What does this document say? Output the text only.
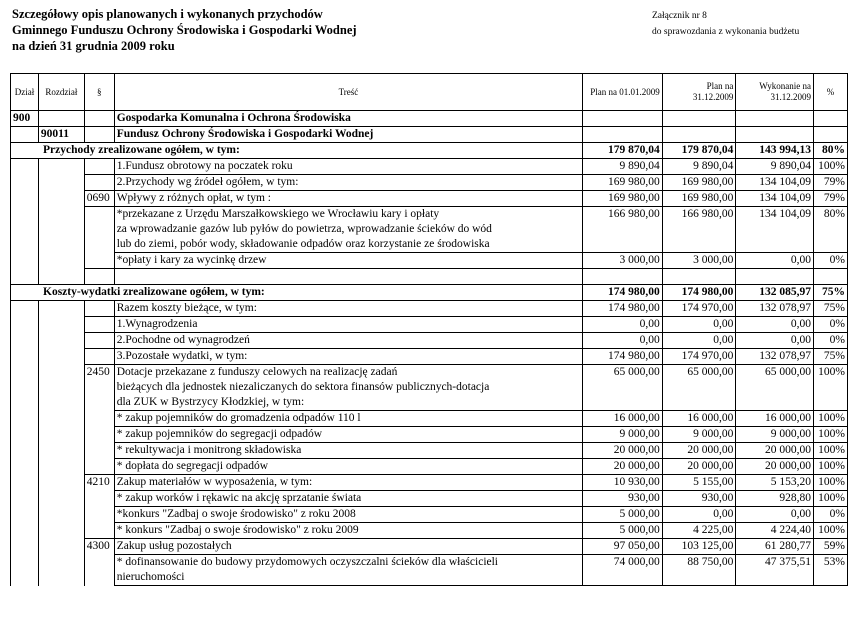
Szczegółowy opis planowanych i wykonanych przychodów
Gminnego Funduszu Ochrony Środowiska i Gospodarki Wodnej
na dzień 31 grudnia 2009 roku
Załącznik nr 8
do sprawozdania z wykonania budżetu
Dział	Rozdział	§	Treść	Plan na 01.01.2009	Plan na 31.12.2009	Wykonanie na 31.12.2009	%
900			Gospodarka Komunalna i Ochrona Środowiska				
	90011		Fundusz Ochrony Środowiska i Gospodarki Wodnej				
Przychody zrealizowane ogółem, w tym:				179 870,04	179 870,04	143 994,13	80%
			1.Fundusz obrotowy na poczatek roku	9 890,04	9 890,04	9 890,04	100%
			2.Przychody wg źródeł ogółem, w tym:	169 980,00	169 980,00	134 104,09	79%
		0690	Wpływy z różnych opłat, w tym :	169 980,00	169 980,00	134 104,09	79%

			*przekazane z Urzędu Marszałkowskiego we Wrocławiu kary i opłaty
za wprowadzanie gazów lub pyłów do powietrza, wprowadzanie ścieków do wód
lub do ziemi, pobór wody, składowanie odpadów oraz korzystanie ze środowiska	166 980,00	166 980,00	134 104,09	80%
			*opłaty i kary za wycinkę drzew	3 000,00	3 000,00	0,00	0%

Koszty-wydatki zrealizowane ogółem, w tym:				174 980,00	174 980,00	132 085,97	75%
			Razem koszty bieżące, w tym:	174 980,00	174 970,00	132 078,97	75%
			1.Wynagrodzenia	0,00	0,00	0,00	0%
			2.Pochodne od wynagrodzeń	0,00	0,00	0,00	0%
			3.Pozostałe wydatki, w tym:	174 980,00	174 970,00	132 078,97	75%
		2450	Dotacje przekazane z funduszy celowych na realizację zadań
bieżących dla jednostek niezaliczanych do sektora finansów publicznych-dotacja
dla ZUK w Bystrzycy Kłodzkiej, w tym:	65 000,00	65 000,00	65 000,00	100%
			* zakup pojemników do gromadzenia odpadów 110 l	16 000,00	16 000,00	16 000,00	100%
			* zakup pojemników do segregacji odpadów	9 000,00	9 000,00	9 000,00	100%
			* rekultywacja i monitrong składowiska	20 000,00	20 000,00	20 000,00	100%
			* dopłata do segregacji odpadów	20 000,00	20 000,00	20 000,00	100%
		4210	Zakup materiałów w wyposażenia, w tym:	10 930,00	5 155,00	5 153,20	100%
			* zakup worków i rękawic na akcję sprzatanie świata	930,00	930,00	928,80	100%
			*konkurs "Zadbaj o swoje środowisko" z roku 2008	5 000,00	0,00	0,00	0%
			* konkurs "Zadbaj o swoje środowisko" z roku 2009	5 000,00	4 225,00	4 224,40	100%
		4300	Zakup usług pozostałych	97 050,00	103 125,00	61 280,77	59%

			* dofinansowanie do budowy przydomowych oczyszczalni ścieków dla właścicieli
nieruchomości	74 000,00	88 750,00	47 375,51	53%
